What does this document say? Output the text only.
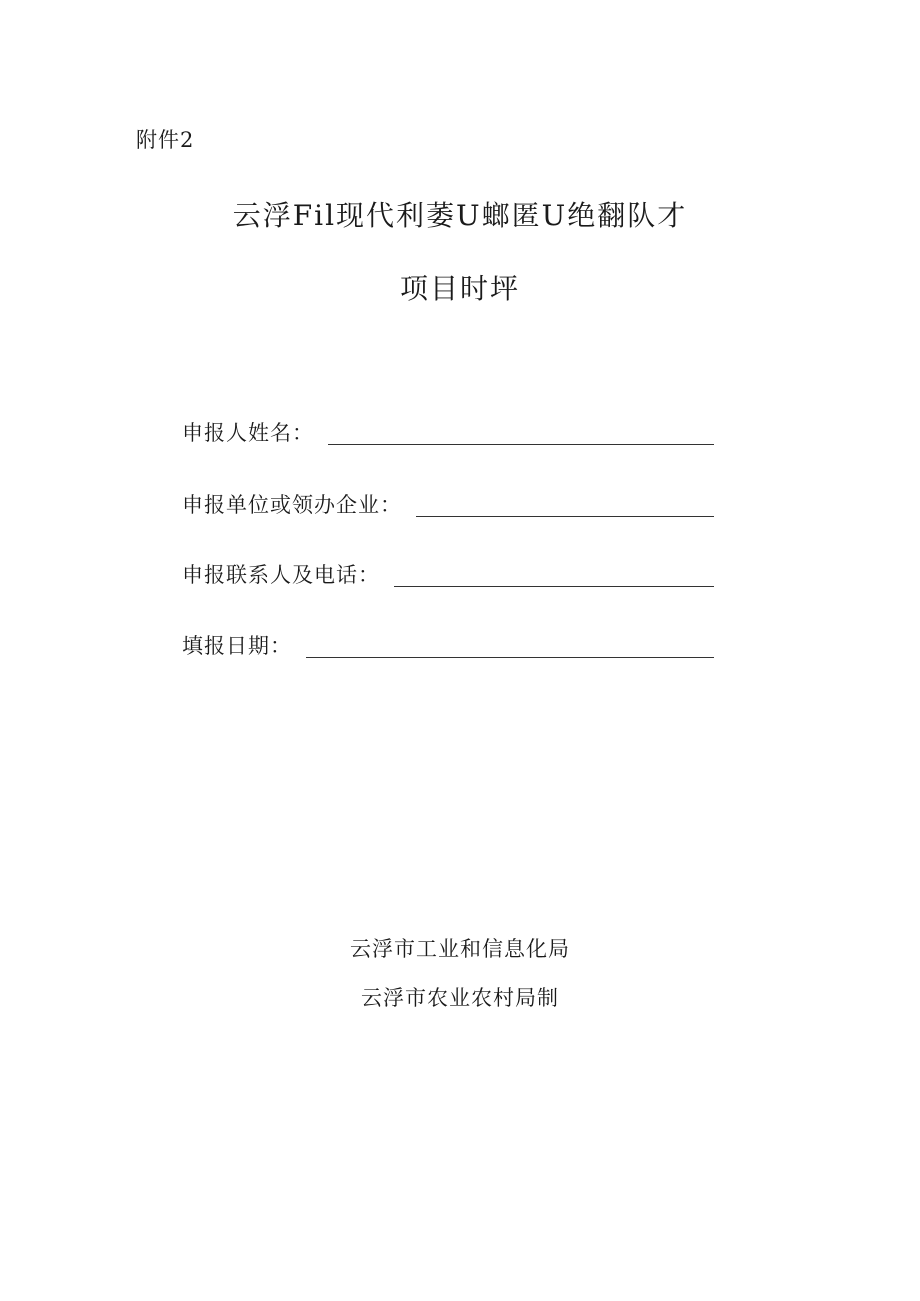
附件2
云浮Fil现代利萎U螂匿U绝翻队才
项目时坪
申报人姓名：
申报单位或领办企业：
申报联系人及电话：
填报日期：
云浮市工业和信息化局
云浮市农业农村局制
